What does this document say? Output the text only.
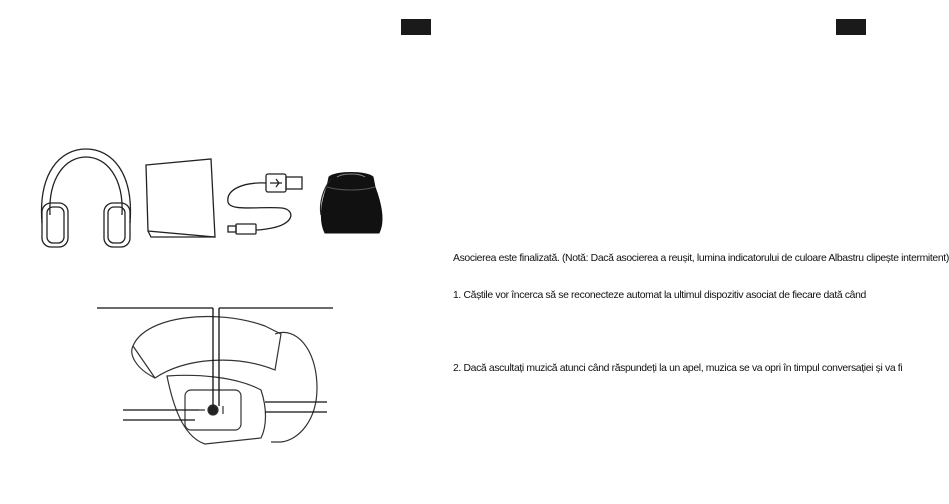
Asocierea este finalizată. (Notă: Dacă asocierea a reușit, lumina indicatorului de culoare Albastru clipește intermitent)

1. Căștile vor încerca să se reconecteze automat la ultimul dispozitiv asociat de fiecare dată când

2. Dacă ascultați muzică atunci când răspundeți la un apel, muzica se va opri în timpul conversației și va fi
